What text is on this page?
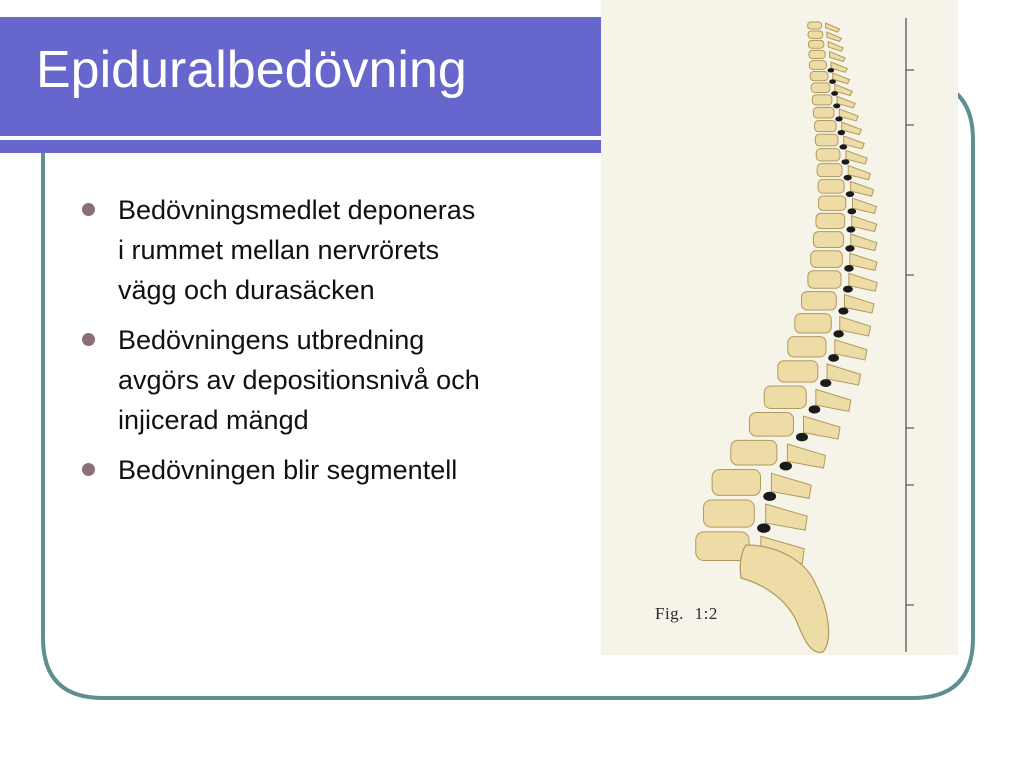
Epiduralbedövning
Fig. 1:2
Bedövningsmedlet deponeras i rummet mellan nervrörets vägg och durasäcken
Bedövningens utbredning avgörs av depositionsnivå och injicerad mängd
Bedövningen blir segmentell
